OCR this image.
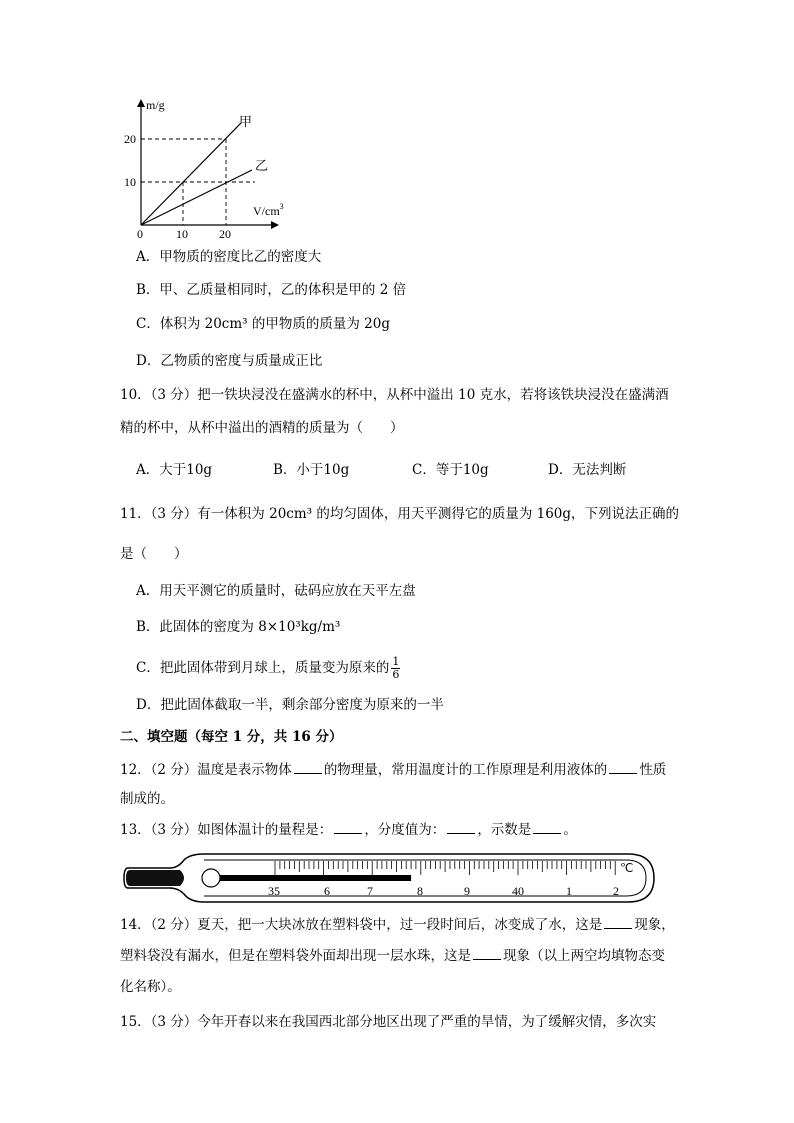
m/g
$V/cm^3$
0	10	20
10
20
甲
乙
A．甲物质的密度比乙的密度大
B．甲、乙质量相同时，乙的体积是甲的 2 倍
C．体积为 20cm³ 的甲物质的质量为 20g
D．乙物质的密度与质量成正比
10．（3 分）把一铁块浸没在盛满水的杯中，从杯中溢出 10 克水，若将该铁块浸没在盛满酒
精的杯中，从杯中溢出的酒精的质量为（　　）
A．大于10g	B．小于10g	C．等于10g	D．无法判断
11．（3 分）有一体积为 20cm³ 的均匀固体，用天平测得它的质量为 160g，下列说法正确的
是（　　）
A．用天平测它的质量时，砝码应放在天平左盘
B．此固体的密度为 8×10³kg/m³
C．把此固体带到月球上，质量变为原来的 $\frac{1}{6}$
D．把此固体截取一半，剩余部分密度为原来的一半
二、填空题（每空 1 分，共 16 分）
12．（2 分）温度是表示物体 的物理量，常用温度计的工作原理是利用液体的 性质
制成的。
13．（3 分）如图体温计的量程是： ，分度值为： ，示数是 。
35	6	7	8	9	40	1	2
℃
14．（2 分）夏天，把一大块冰放在塑料袋中，过一段时间后，冰变成了水，这是 现象，
塑料袋没有漏水，但是在塑料袋外面却出现一层水珠，这是 现象（以上两空均填物态变
化名称）。
15．（3 分）今年开春以来在我国西北部分地区出现了严重的旱情，为了缓解灾情，多次实
